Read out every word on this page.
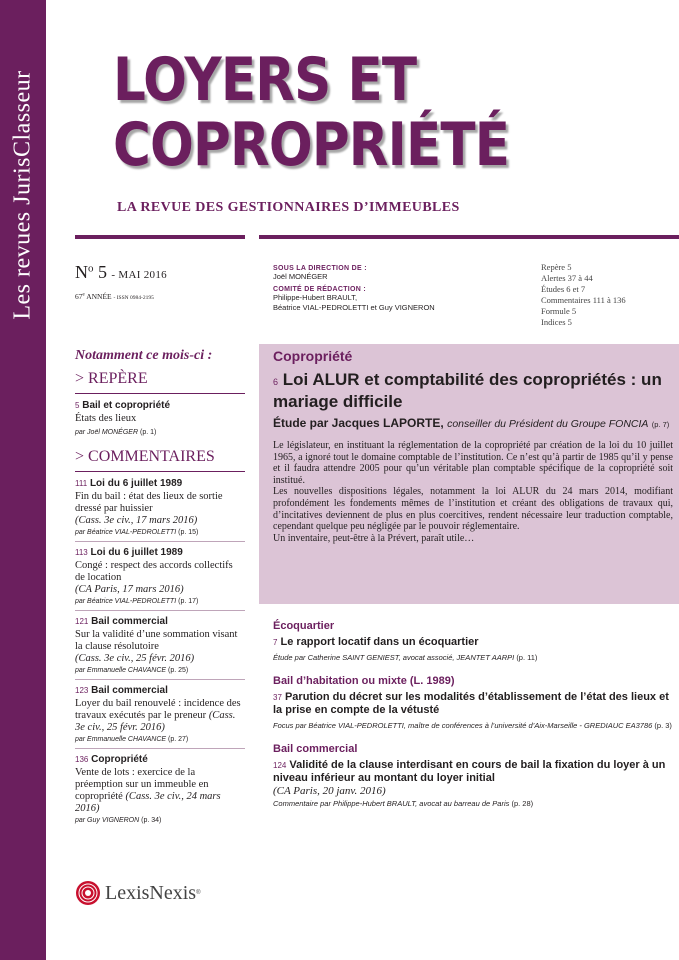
Les revues JurisClasseur LOYERS ET
COPROPRIÉTÉ
LA REVUE DES GESTIONNAIRES D’IMMEUBLES
$N^o$ 5 - MAI 2016
67e ANNÉE - ISSN 0984-2195
SOUS LA DIRECTION DE :
Joël MONÉGER
COMITÉ DE RÉDACTION :
Philippe-Hubert BRAULT,
Béatrice VIAL-PEDROLETTI et Guy VIGNERON
Repère 5
Alertes 37 à 44
Études 6 et 7
Commentaires 111 à 136
Formule 5
Indices 5
Notamment ce mois-ci :
> REPÈRE
5 Bail et copropriété
États des lieux
par Joël MONÉGER (p. 1)
> COMMENTAIRES
111 Loi du 6 juillet 1989
Fin du bail : état des lieux de sortie dressé par huissier
(Cass. 3e civ., 17 mars 2016)
par Béatrice VIAL-PEDROLETTI (p. 15)
113 Loi du 6 juillet 1989
Congé : respect des accords collectifs de location
(CA Paris, 17 mars 2016)
par Béatrice VIAL-PEDROLETTI (p. 17)
121 Bail commercial
Sur la validité d’une sommation visant la clause résolutoire
(Cass. 3e civ., 25 févr. 2016)
par Emmanuelle CHAVANCE (p. 25)
123 Bail commercial
Loyer du bail renouvelé : incidence des travaux exécutés par le preneur (Cass. 3e civ., 25 févr. 2016)
par Emmanuelle CHAVANCE (p. 27)
136 Copropriété
Vente de lots : exercice de la préemption sur un immeuble en copropriété (Cass. 3e civ., 24 mars 2016)
par Guy VIGNERON (p. 34)
Copropriété
6 Loi ALUR et comptabilité des copropriétés : un mariage difficile
Étude par Jacques LAPORTE, conseiller du Président du Groupe FONCIA (p. 7)
Le législateur, en instituant la réglementation de la copropriété par création de la loi du 10 juillet 1965, a ignoré tout le domaine comptable de l’institution. Ce n’est qu’à partir de 1985 qu’il y pense et il faudra attendre 2005 pour qu’un véritable plan comptable spécifique de la copropriété soit institué.
Les nouvelles dispositions légales, notamment la loi ALUR du 24 mars 2014, modifiant profondément les fondements mêmes de l’institution et créant des obligations de travaux qui, d’incitatives deviennent de plus en plus coercitives, rendent nécessaire leur traduction comptable, cependant quelque peu négligée par le pouvoir réglementaire.
Un inventaire, peut-être à la Prévert, paraît utile…
Écoquartier
7 Le rapport locatif dans un écoquartier
Étude par Catherine SAINT GENIEST, avocat associé, JEANTET AARPI (p. 11)
Bail d’habitation ou mixte (L. 1989)
37 Parution du décret sur les modalités d’établissement de l’état des lieux et la prise en compte de la vétusté
Focus par Béatrice VIAL-PEDROLETTI, maître de conférences à l’université d’Aix-Marseille - GREDIAUC EA3786 (p. 3)
Bail commercial
124 Validité de la clause interdisant en cours de bail la fixation du loyer à un niveau inférieur au montant du loyer initial
(CA Paris, 20 janv. 2016)
Commentaire par Philippe-Hubert BRAULT, avocat au barreau de Paris (p. 28)
LexisNexis ®
